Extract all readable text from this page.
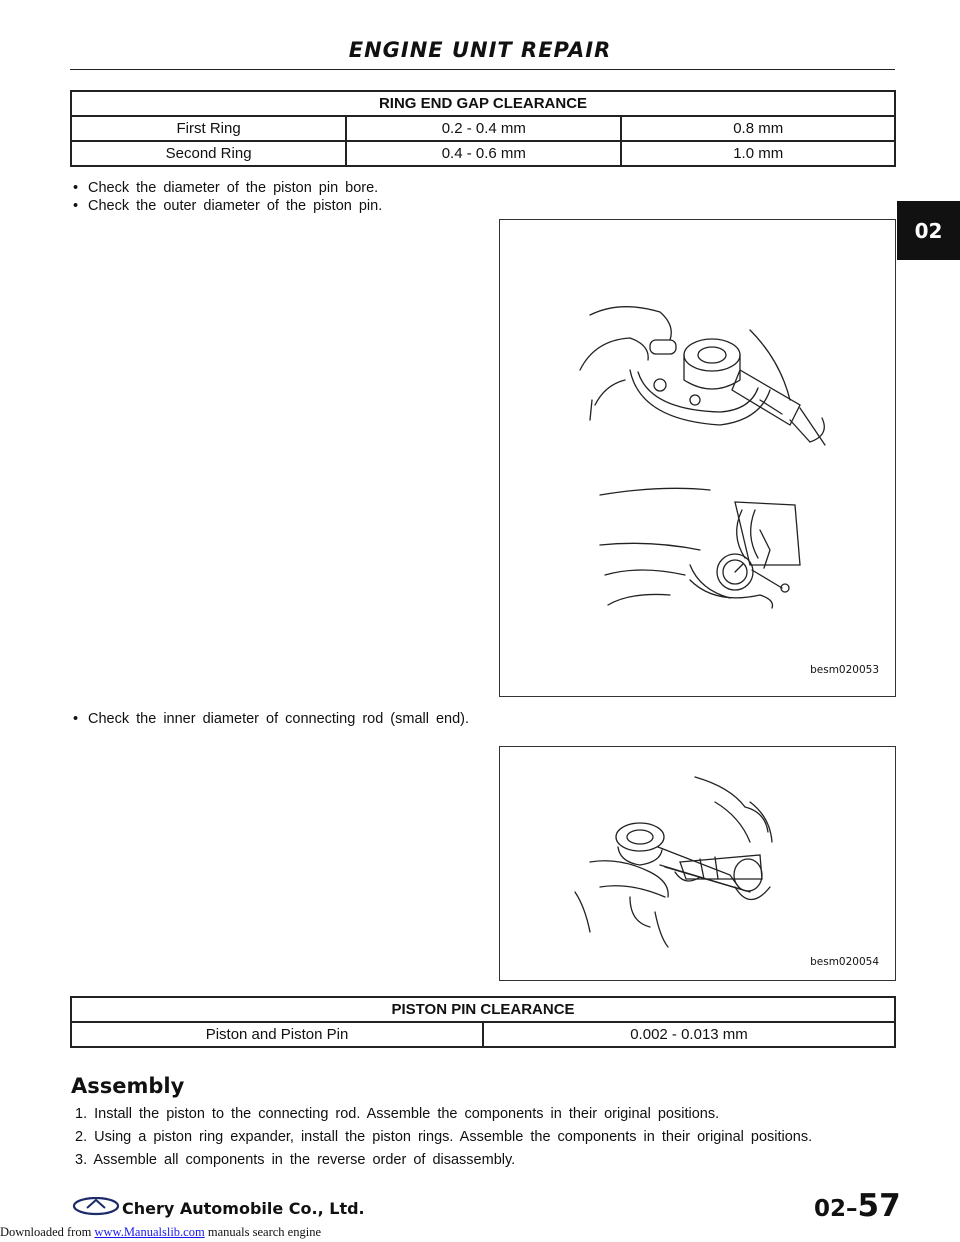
ENGINE UNIT REPAIR
02
RING END GAP CLEARANCE		
First Ring	0.2 - 0.4 mm	0.8 mm
Second Ring	0.4 - 0.6 mm	1.0 mm
• Check the diameter of the piston pin bore.
• Check the outer diameter of the piston pin.
besm020053
• Check the inner diameter of connecting rod (small end).
besm020054
PISTON PIN CLEARANCE
Piston and Piston Pin	0.002 - 0.013 mm
Assembly
1. Install the piston to the connecting rod. Assemble the components in their original positions.
2. Using a piston ring expander, install the piston rings. Assemble the components in their original positions.
3. Assemble all components in the reverse order of disassembly.
Chery Automobile Co., Ltd.	02–57
Downloaded from www.Manualslib.com manuals search engine
